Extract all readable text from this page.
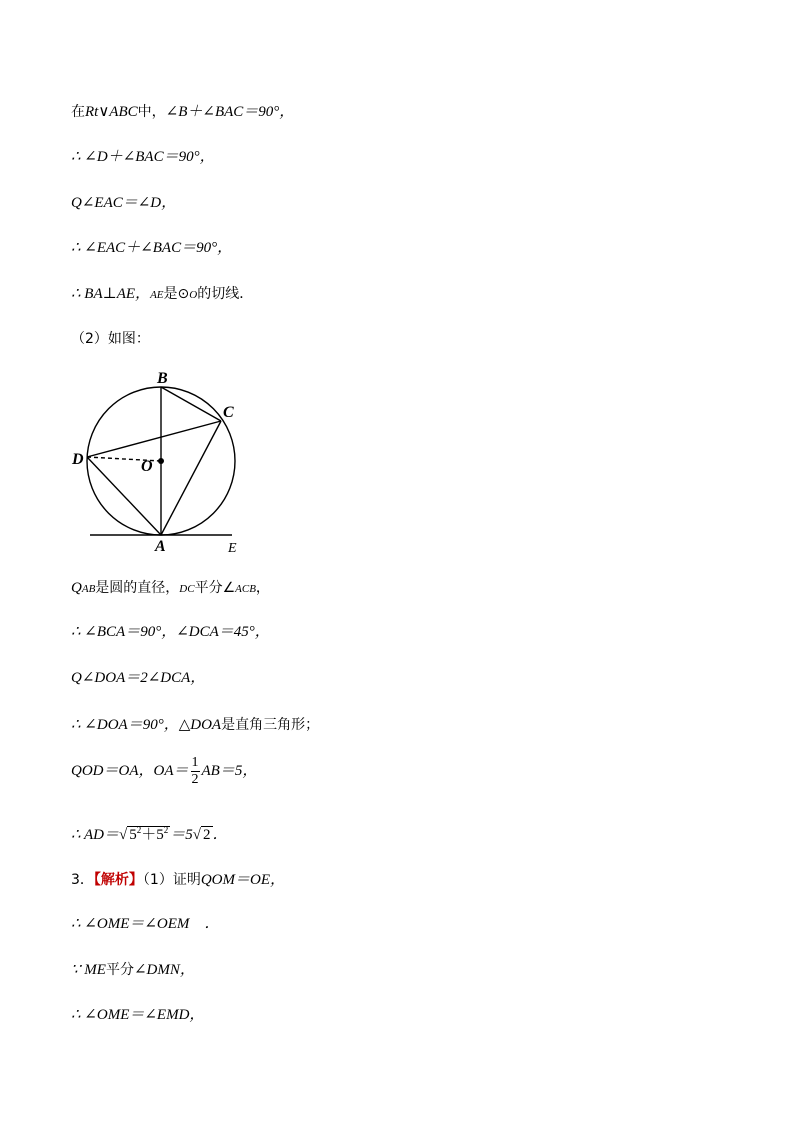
在Rt∨ABC中，∠B＋∠BAC＝90°，
∴ ∠D＋∠BAC＝90°，
Q∠EAC＝∠D，
∴ ∠EAC＋∠BAC＝90°，
∴ BA⊥AE，AE是⊙O的切线．
（2）如图：
B
C
D	O
A	E
QAB是圆的直径，DC平分∠ACB，
∴ ∠BCA＝90°，∠DCA＝45°，
Q∠DOA＝2∠DCA，
∴ ∠DOA＝90°，△DOA是直角三角形；
QOD＝OA，$OA= \frac{1}{2} AB=5$，
∴ AD＝√ $5^2+5^2 =5√$ 2 ．
3．【解析】（1）证明QOM＝OE，
∴ ∠OME＝∠OEM　．
∵ ME平分∠DMN，
∴ ∠OME＝∠EMD，
